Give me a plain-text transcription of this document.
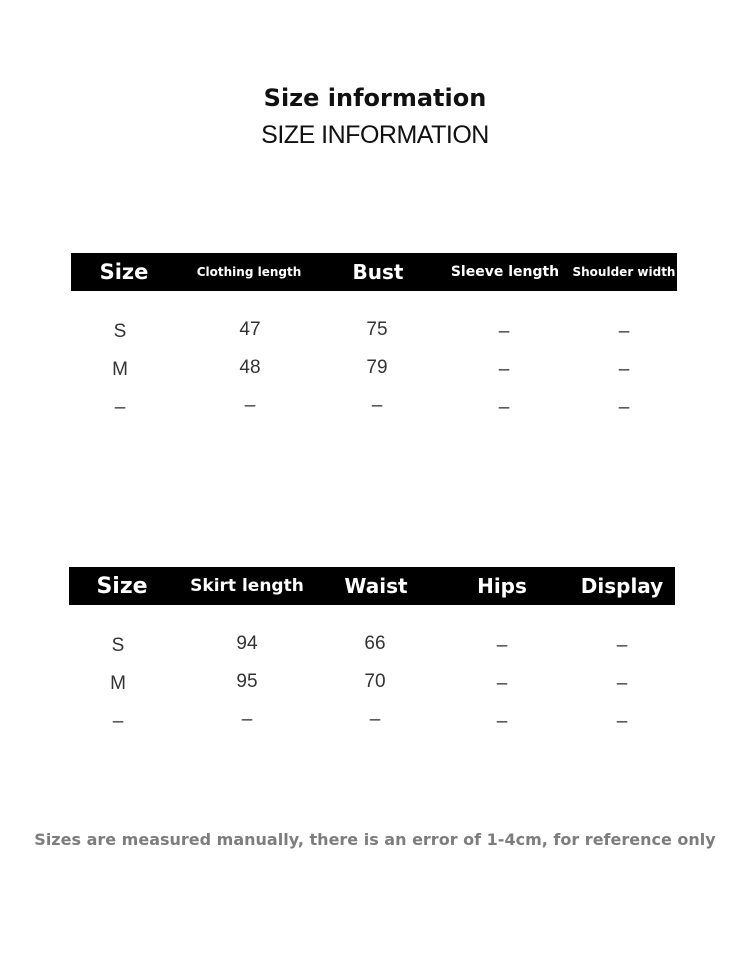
Size information
SIZE INFORMATION
Size	Clothing length	Bust	Sleeve length	Shoulder width
S	47	75	–	–
M	48	79	–	–
–	–	–	–	–
Size	Skirt length	Waist	Hips	Display
S	94	66	–	–
M	95	70	–	–
–	–	–	–	–
Sizes are measured manually, there is an error of 1-4cm, for reference only
